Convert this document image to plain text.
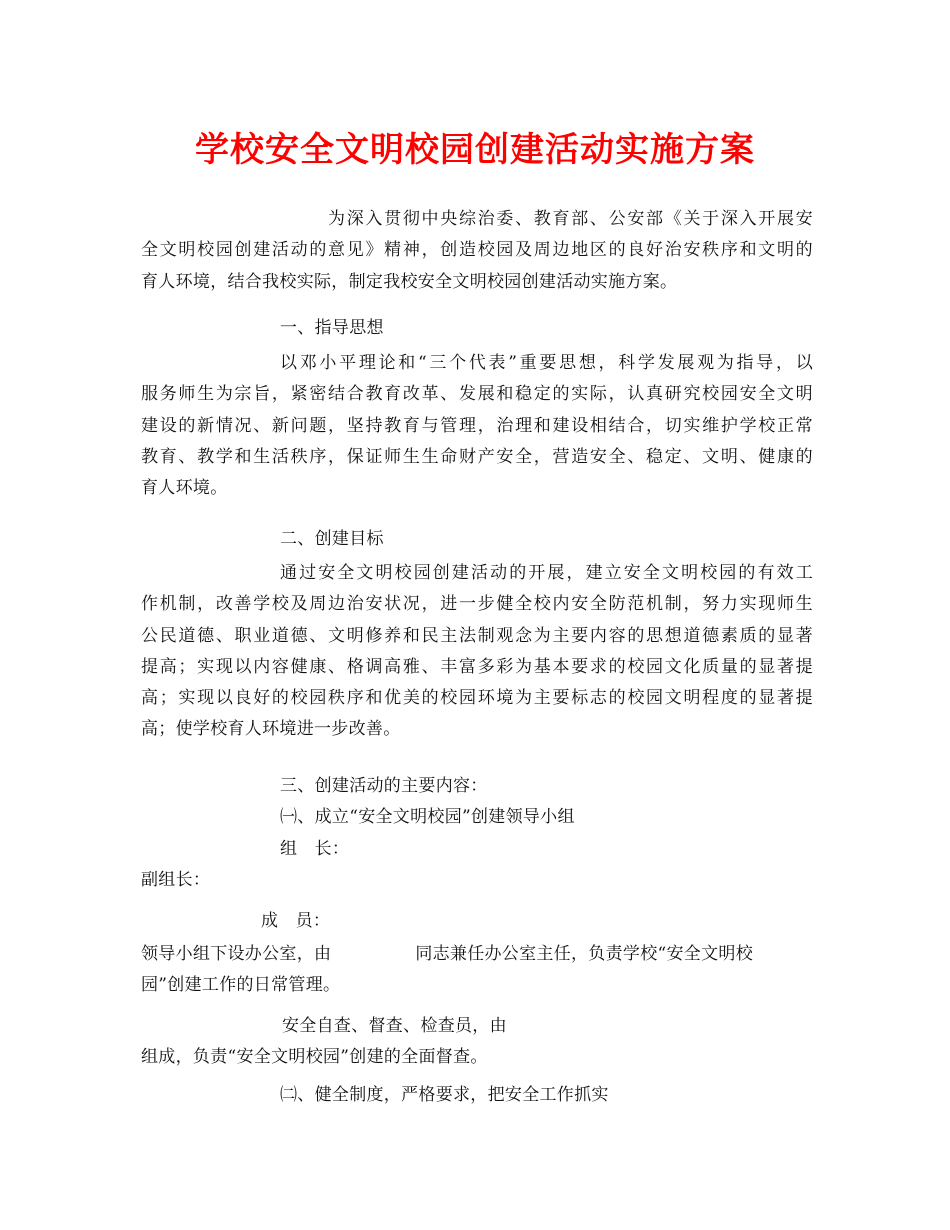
学校安全文明校园创建活动实施方案
为深入贯彻中央综治委、教育部、公安部《关于深入开展安
全文明校园创建活动的意见》精神，创造校园及周边地区的良好治安秩序和文明的
育人环境，结合我校实际，制定我校安全文明校园创建活动实施方案。
一、指导思想
以邓小平理论和“三个代表”重要思想，科学发展观为指导，以
服务师生为宗旨，紧密结合教育改革、发展和稳定的实际，认真研究校园安全文明
建设的新情况、新问题，坚持教育与管理，治理和建设相结合，切实维护学校正常
教育、教学和生活秩序，保证师生生命财产安全，营造安全、稳定、文明、健康的
育人环境。
二、创建目标
通过安全文明校园创建活动的开展，建立安全文明校园的有效工
作机制，改善学校及周边治安状况，进一步健全校内安全防范机制，努力实现师生
公民道德、职业道德、文明修养和民主法制观念为主要内容的思想道德素质的显著
提高；实现以内容健康、格调高雅、丰富多彩为基本要求的校园文化质量的显著提
高；实现以良好的校园秩序和优美的校园环境为主要标志的校园文明程度的显著提
高；使学校育人环境进一步改善。
三、创建活动的主要内容：
㈠、成立“安全文明校园”创建领导小组
组　长：
副组长：
成　员：
领导小组下设办公室，由	同志兼任办公室主任，负责学校“安全文明校
园”创建工作的日常管理。
安全自查、督查、检查员，由
组成，负责“安全文明校园”创建的全面督查。
㈡、健全制度，严格要求，把安全工作抓实
